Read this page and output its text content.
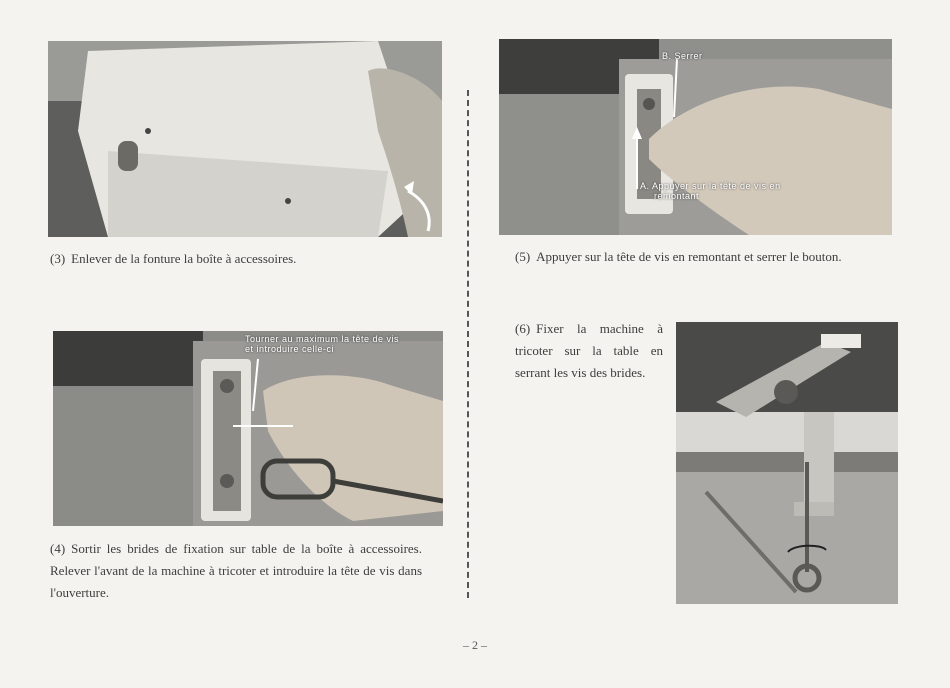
(3) Enlever de la fonture la boîte à accessoires.
Tourner au maximum la tête de vis
et introduire celle-ci
(4) Sortir les brides de fixation sur table de la boîte à accessoires. Relever l'avant de la machine à tricoter et introduire la tête de vis dans l'ouverture.
B. Serrer
A. Appuyer sur la tête de vis en
remontant
(5) Appuyer sur la tête de vis en remontant et serrer le bouton.
(6) Fixer la machine à tricoter sur la table en serrant les vis des brides.
– 2 –
